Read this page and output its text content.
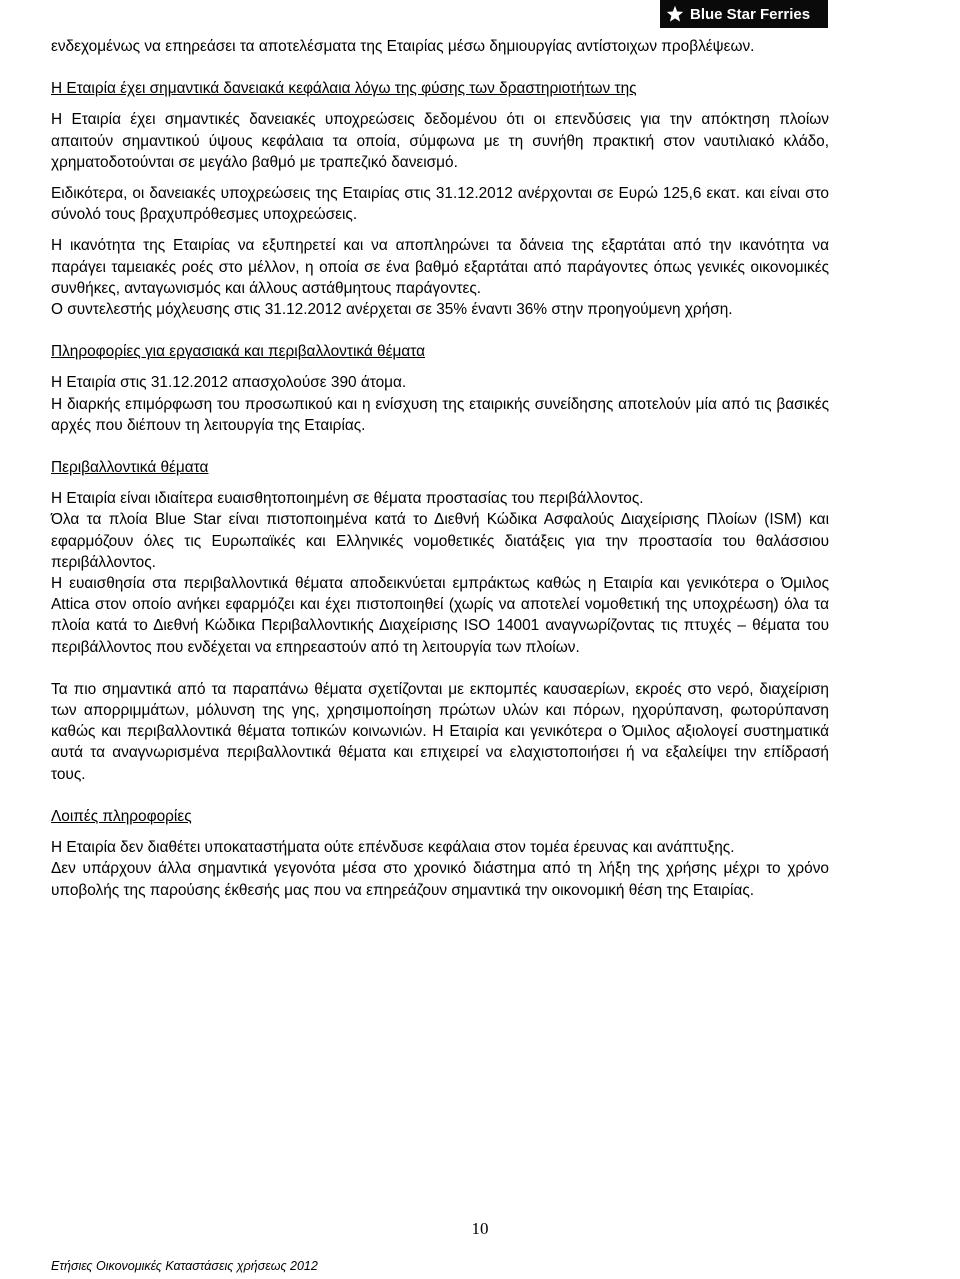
Blue Star Ferries

ενδεχομένως να επηρεάσει τα αποτελέσματα της Εταιρίας μέσω δημιουργίας αντίστοιχων προβλέψεων.

Η Εταιρία έχει σημαντικά δανειακά κεφάλαια λόγω της φύσης των δραστηριοτήτων της

Η Εταιρία έχει σημαντικές δανειακές υποχρεώσεις δεδομένου ότι οι επενδύσεις για την απόκτηση πλοίων απαιτούν σημαντικού ύψους κεφάλαια τα οποία, σύμφωνα με τη συνήθη πρακτική στον ναυτιλιακό κλάδο, χρηματοδοτούνται σε μεγάλο βαθμό με τραπεζικό δανεισμό.

Ειδικότερα, οι δανειακές υποχρεώσεις της Εταιρίας στις 31.12.2012 ανέρχονται σε Ευρώ 125,6 εκατ. και είναι στο σύνολό τους βραχυπρόθεσμες υποχρεώσεις.

Η ικανότητα της Εταιρίας να εξυπηρετεί και να αποπληρώνει τα δάνεια της εξαρτάται από την ικανότητα να παράγει ταμειακές ροές στο μέλλον, η οποία σε ένα βαθμό εξαρτάται από παράγοντες όπως γενικές οικονομικές συνθήκες, ανταγωνισμός και άλλους αστάθμητους παράγοντες.

Ο συντελεστής μόχλευσης στις 31.12.2012 ανέρχεται σε 35% έναντι 36% στην προηγούμενη χρήση.

Πληροφορίες για εργασιακά και περιβαλλοντικά θέματα

Η Εταιρία στις 31.12.2012 απασχολούσε 390 άτομα.

Η διαρκής επιμόρφωση του προσωπικού και η ενίσχυση της εταιρικής συνείδησης αποτελούν μία από τις βασικές αρχές που διέπουν τη λειτουργία της Εταιρίας.

Περιβαλλοντικά θέματα

Η Εταιρία είναι ιδιαίτερα ευαισθητοποιημένη σε θέματα προστασίας του περιβάλλοντος.

Όλα τα πλοία Blue Star είναι πιστοποιημένα κατά το Διεθνή Κώδικα Ασφαλούς Διαχείρισης Πλοίων (ISM) και εφαρμόζουν όλες τις Ευρωπαϊκές και Ελληνικές νομοθετικές διατάξεις για την προστασία του θαλάσσιου περιβάλλοντος.

Η ευαισθησία στα περιβαλλοντικά θέματα αποδεικνύεται εμπράκτως καθώς η Εταιρία και γενικότερα ο Όμιλος Attica στον οποίο ανήκει εφαρμόζει και έχει πιστοποιηθεί (χωρίς να αποτελεί νομοθετική της υποχρέωση) όλα τα πλοία κατά το Διεθνή Κώδικα Περιβαλλοντικής Διαχείρισης ISO 14001 αναγνωρίζοντας τις πτυχές – θέματα του περιβάλλοντος που ενδέχεται να επηρεαστούν από τη λειτουργία των πλοίων.

Τα πιο σημαντικά από τα παραπάνω θέματα σχετίζονται με εκπομπές καυσαερίων, εκροές στο νερό, διαχείριση των απορριμμάτων, μόλυνση της γης, χρησιμοποίηση πρώτων υλών και πόρων, ηχορύπανση, φωτορύπανση καθώς και περιβαλλοντικά θέματα τοπικών κοινωνιών. Η Εταιρία και γενικότερα ο Όμιλος αξιολογεί συστηματικά αυτά τα αναγνωρισμένα περιβαλλοντικά θέματα και επιχειρεί να ελαχιστοποιήσει ή να εξαλείψει την επίδρασή τους.

Λοιπές πληροφορίες

Η Εταιρία δεν διαθέτει υποκαταστήματα ούτε επένδυσε κεφάλαια στον τομέα έρευνας και ανάπτυξης.

Δεν υπάρχουν άλλα σημαντικά γεγονότα μέσα στο χρονικό διάστημα από τη λήξη της χρήσης μέχρι το χρόνο υποβολής της παρούσης έκθεσής μας που να επηρεάζουν σημαντικά την οικονομική θέση της Εταιρίας.

10
Ετήσιες Οικονομικές Καταστάσεις χρήσεως 2012
